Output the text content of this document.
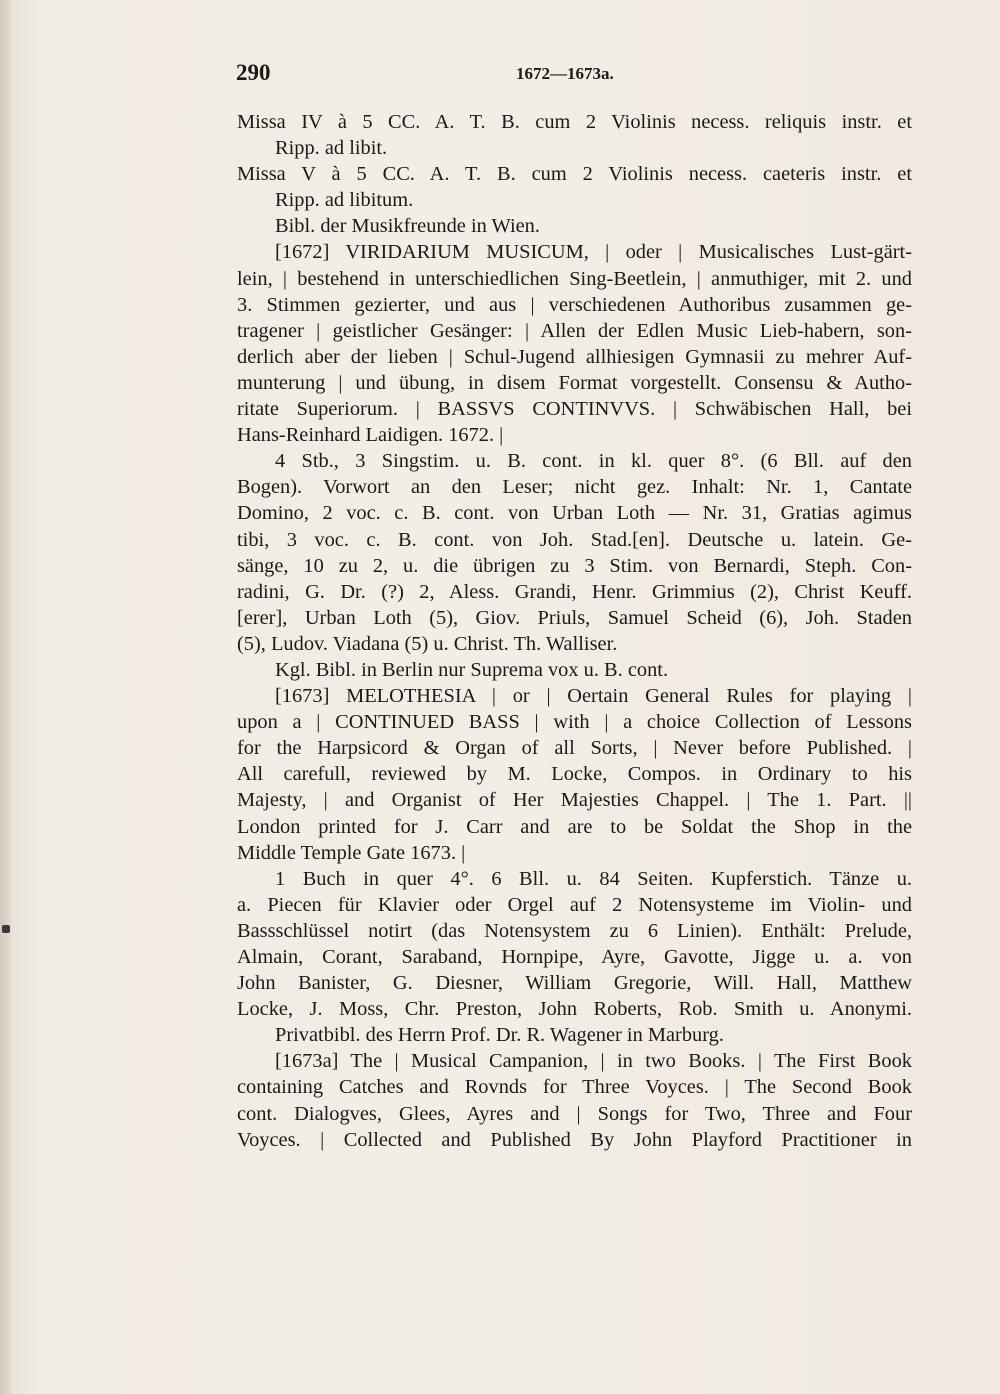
290	1672—1673a.
Missa IV à 5 CC. A. T. B. cum 2 Violinis necess. reliquis instr. et
Ripp. ad libit.
Missa V à 5 CC. A. T. B. cum 2 Violinis necess. caeteris instr. et
Ripp. ad libitum.
Bibl. der Musikfreunde in Wien.
[1672] VIRIDARIUM MUSICUM, | oder | Musicalisches Lust-gärt-
lein, | bestehend in unterschiedlichen Sing-Beetlein, | anmuthiger, mit 2. und
3. Stimmen gezierter, und aus | verschiedenen Authoribus zusammen ge-
tragener | geistlicher Gesänger: | Allen der Edlen Music Lieb-habern, son-
derlich aber der lieben | Schul-Jugend allhiesigen Gymnasii zu mehrer Auf-
munterung | und übung, in disem Format vorgestellt. Consensu & Autho-
ritate Superiorum. | BASSVS CONTINVVS. | Schwäbischen Hall, bei
Hans-Reinhard Laidigen. 1672. |
4 Stb., 3 Singstim. u. B. cont. in kl. quer 8°. (6 Bll. auf den
Bogen). Vorwort an den Leser; nicht gez. Inhalt: Nr. 1, Cantate
Domino, 2 voc. c. B. cont. von Urban Loth — Nr. 31, Gratias agimus
tibi, 3 voc. c. B. cont. von Joh. Stad.[en]. Deutsche u. latein. Ge-
sänge, 10 zu 2, u. die übrigen zu 3 Stim. von Bernardi, Steph. Con-
radini, G. Dr. (?) 2, Aless. Grandi, Henr. Grimmius (2), Christ Keuff.
[erer], Urban Loth (5), Giov. Priuls, Samuel Scheid (6), Joh. Staden
(5), Ludov. Viadana (5) u. Christ. Th. Walliser.
Kgl. Bibl. in Berlin nur Suprema vox u. B. cont.
[1673] MELOTHESIA | or | Oertain General Rules for playing |
upon a | CONTINUED BASS | with | a choice Collection of Lessons
for the Harpsicord & Organ of all Sorts, | Never before Published. |
All carefull, reviewed by M. Locke, Compos. in Ordinary to his
Majesty, | and Organist of Her Majesties Chappel. | The 1. Part. ||
London printed for J. Carr and are to be Soldat the Shop in the
Middle Temple Gate 1673. |
1 Buch in quer 4°. 6 Bll. u. 84 Seiten. Kupferstich. Tänze u.
a. Piecen für Klavier oder Orgel auf 2 Notensysteme im Violin- und
Bassschlüssel notirt (das Notensystem zu 6 Linien). Enthält: Prelude,
Almain, Corant, Saraband, Hornpipe, Ayre, Gavotte, Jigge u. a. von
John Banister, G. Diesner, William Gregorie, Will. Hall, Matthew
Locke, J. Moss, Chr. Preston, John Roberts, Rob. Smith u. Anonymi.
Privatbibl. des Herrn Prof. Dr. R. Wagener in Marburg.
[1673a] The | Musical Campanion, | in two Books. | The First Book
containing Catches and Rovnds for Three Voyces. | The Second Book
cont. Dialogves, Glees, Ayres and | Songs for Two, Three and Four
Voyces. | Collected and Published By John Playford Practitioner in
